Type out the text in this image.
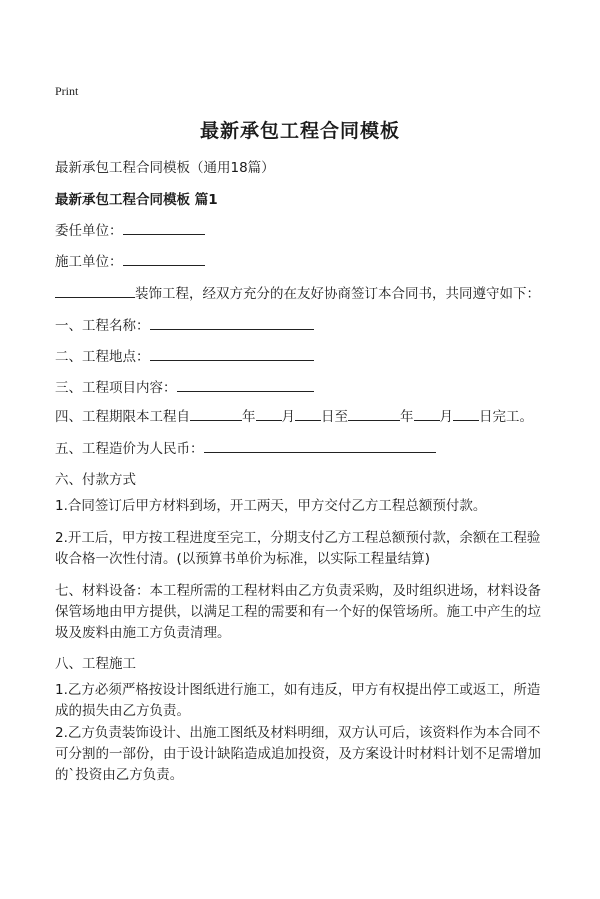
Print
最新承包工程合同模板
最新承包工程合同模板（通用18篇）
最新承包工程合同模板 篇1
委任单位：
施工单位：
装饰工程，经双方充分的在友好协商签订本合同书，共同遵守如下：
一、工程名称：
二、工程地点：
三、工程项目内容：
四、工程期限本工程自	年 月 日至	年 月 日完工。
五、工程造价为人民币：
六、付款方式
1.合同签订后甲方材料到场，开工两天，甲方交付乙方工程总额预付款。
2.开工后，甲方按工程进度至完工，分期支付乙方工程总额预付款，余额在工程验收合格一次性付清。(以预算书单价为标准，以实际工程量结算)
七、材料设备：本工程所需的工程材料由乙方负责采购，及时组织进场，材料设备保管场地由甲方提供，以满足工程的需要和有一个好的保管场所。施工中产生的垃圾及废料由施工方负责清理。
八、工程施工
1.乙方必须严格按设计图纸进行施工，如有违反，甲方有权提出停工或返工，所造成的损失由乙方负责。
2.乙方负责装饰设计、出施工图纸及材料明细，双方认可后，该资料作为本合同不可分割的一部份，由于设计缺陷造成追加投资，及方案设计时材料计划不足需增加的`投资由乙方负责。
